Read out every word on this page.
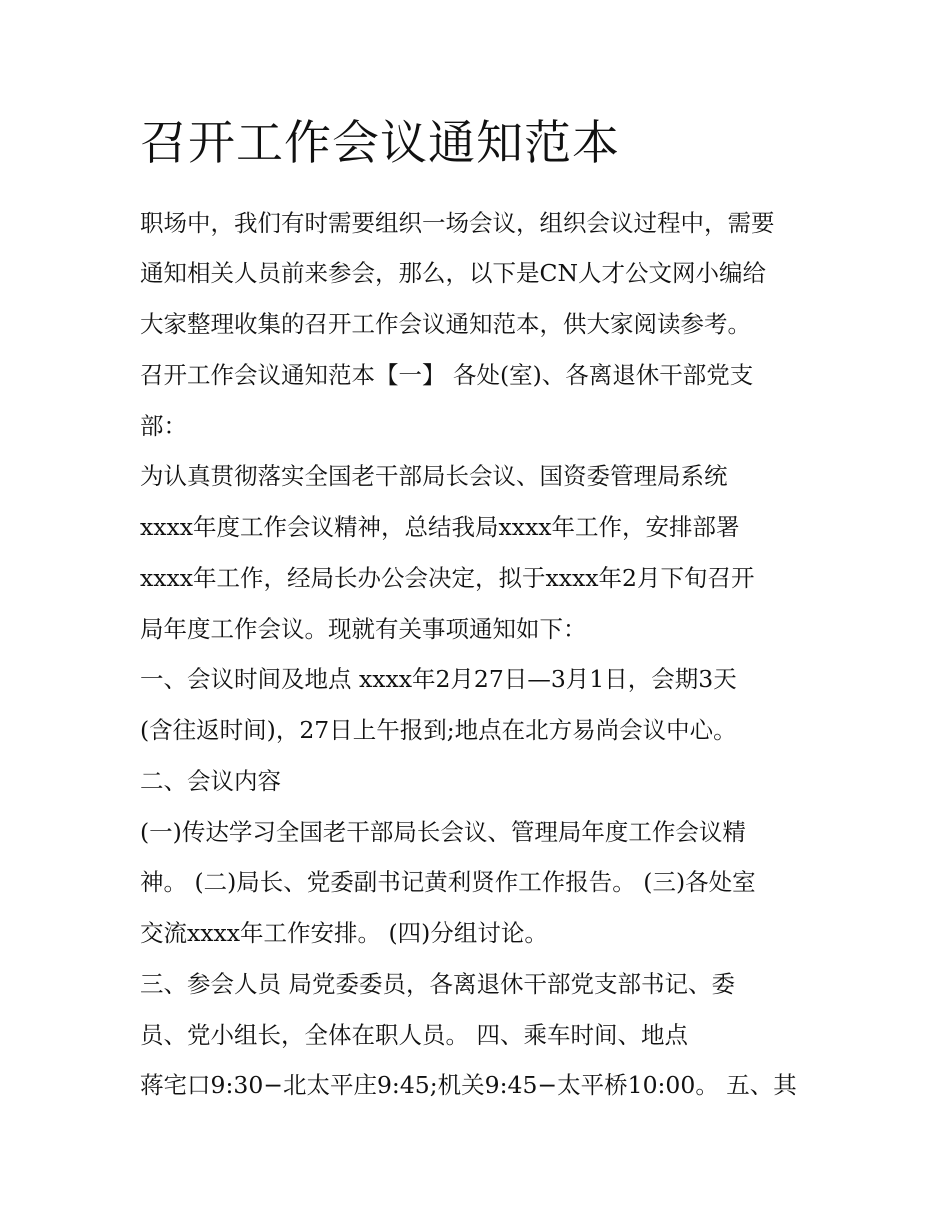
召开工作会议通知范本
职场中，我们有时需要组织一场会议，组织会议过程中，需要
通知相关人员前来参会，那么，以下是CN人才公文网小编给
大家整理收集的召开工作会议通知范本，供大家阅读参考。
召开工作会议通知范本【一】 各处(室)、各离退休干部党支
部：
为认真贯彻落实全国老干部局长会议、国资委管理局系统
xxxx年度工作会议精神，总结我局xxxx年工作，安排部署
xxxx年工作，经局长办公会决定，拟于xxxx年2月下旬召开
局年度工作会议。现就有关事项通知如下：
一、会议时间及地点 xxxx年2月27日—3月1日，会期3天
(含往返时间)，27日上午报到;地点在北方易尚会议中心。
二、会议内容
(一)传达学习全国老干部局长会议、管理局年度工作会议精
神。 (二)局长、党委副书记黄利贤作工作报告。 (三)各处室
交流xxxx年工作安排。 (四)分组讨论。
三、参会人员 局党委委员，各离退休干部党支部书记、委
员、党小组长，全体在职人员。 四、乘车时间、地点
蒋宅口9:30−北太平庄9:45;机关9:45−太平桥10:00。 五、其
